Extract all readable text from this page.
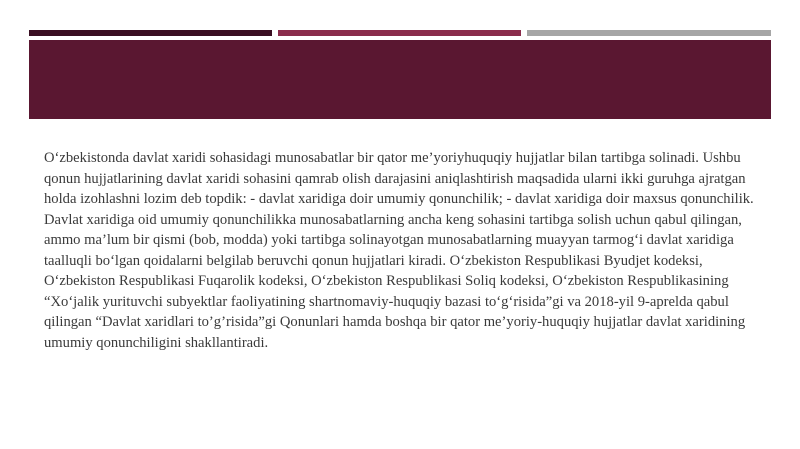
O‘zbekistonda davlat xaridi sohasidagi munosabatlar bir qator me’yoriyhuquqiy hujjatlar bilan tartibga solinadi. Ushbu qonun hujjatlarining davlat xaridi sohasini qamrab olish darajasini aniqlashtirish maqsadida ularni ikki guruhga ajratgan holda izohlashni lozim deb topdik: - davlat xaridiga doir umumiy qonunchilik; - davlat xaridiga doir maxsus qonunchilik.

Davlat xaridiga oid umumiy qonunchilikka munosabatlarning ancha keng sohasini tartibga solish uchun qabul qilingan, ammo ma’lum bir qismi (bob, modda) yoki tartibga solinayotgan munosabatlarning muayyan tarmog‘i davlat xaridiga taalluqli bo‘lgan qoidalarni belgilab beruvchi qonun hujjatlari kiradi. O‘zbekiston Respublikasi Byudjet kodeksi, O‘zbekiston Respublikasi Fuqarolik kodeksi, O‘zbekiston Respublikasi Soliq kodeksi, O‘zbekiston Respublikasining “Xo‘jalik yurituvchi subyektlar faoliyatining shartnomaviy-huquqiy bazasi to‘g‘risida”gi va 2018-yil 9-aprelda qabul qilingan “Davlat xaridlari to’g’risida”gi Qonunlari hamda boshqa bir qator me’yoriy-huquqiy hujjatlar davlat xaridining umumiy qonunchiligini shakllantiradi.
